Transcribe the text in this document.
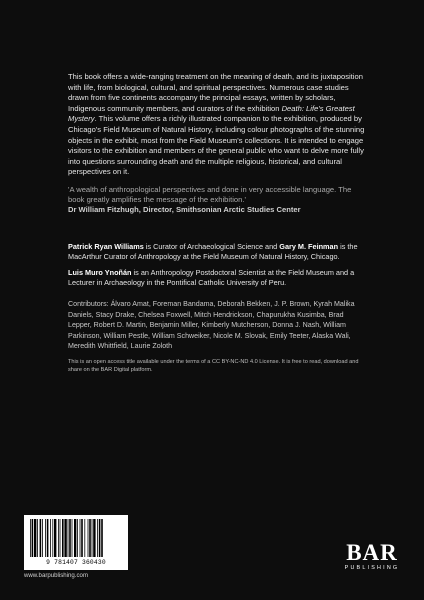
This book offers a wide-ranging treatment on the meaning of death, and its juxtaposition with life, from biological, cultural, and spiritual perspectives. Numerous case studies drawn from five continents accompany the principal essays, written by scholars, Indigenous community members, and curators of the exhibition Death: Life's Greatest Mystery. This volume offers a richly illustrated companion to the exhibition, produced by Chicago's Field Museum of Natural History, including colour photographs of the stunning objects in the exhibit, most from the Field Museum's collections. It is intended to engage visitors to the exhibition and members of the general public who want to delve more fully into questions surrounding death and the multiple religious, historical, and cultural perspectives on it.

'A wealth of anthropological perspectives and done in very accessible language. The book greatly amplifies the message of the exhibition.'

Dr William Fitzhugh, Director, Smithsonian Arctic Studies Center

Patrick Ryan Williams is Curator of Archaeological Science and Gary M. Feinman is the MacArthur Curator of Anthropology at the Field Museum of Natural History, Chicago.

Luis Muro Ynoñán is an Anthropology Postdoctoral Scientist at the Field Museum and a Lecturer in Archaeology in the Pontifical Catholic University of Peru.

Contributors: Álvaro Amat, Foreman Bandama, Deborah Bekken, J. P. Brown, Kyrah Malika Daniels, Stacy Drake, Chelsea Foxwell, Mitch Hendrickson, Chapurukha Kusimba, Brad Lepper, Robert D. Martin, Benjamin Miller, Kimberly Mutcherson, Donna J. Nash, William Parkinson, William Pestle, William Schweiker, Nicole M. Slovak, Emily Teeter, Alaska Wali, Meredith Whittfield, Laurie Zoloth

This is an open access title available under the terms of a CC BY-NC-ND 4.0 License. It is free to read, download and share on the BAR Digital platform.

9 781407 360430
www.barpublishing.com
BAR
PUBLISHING
